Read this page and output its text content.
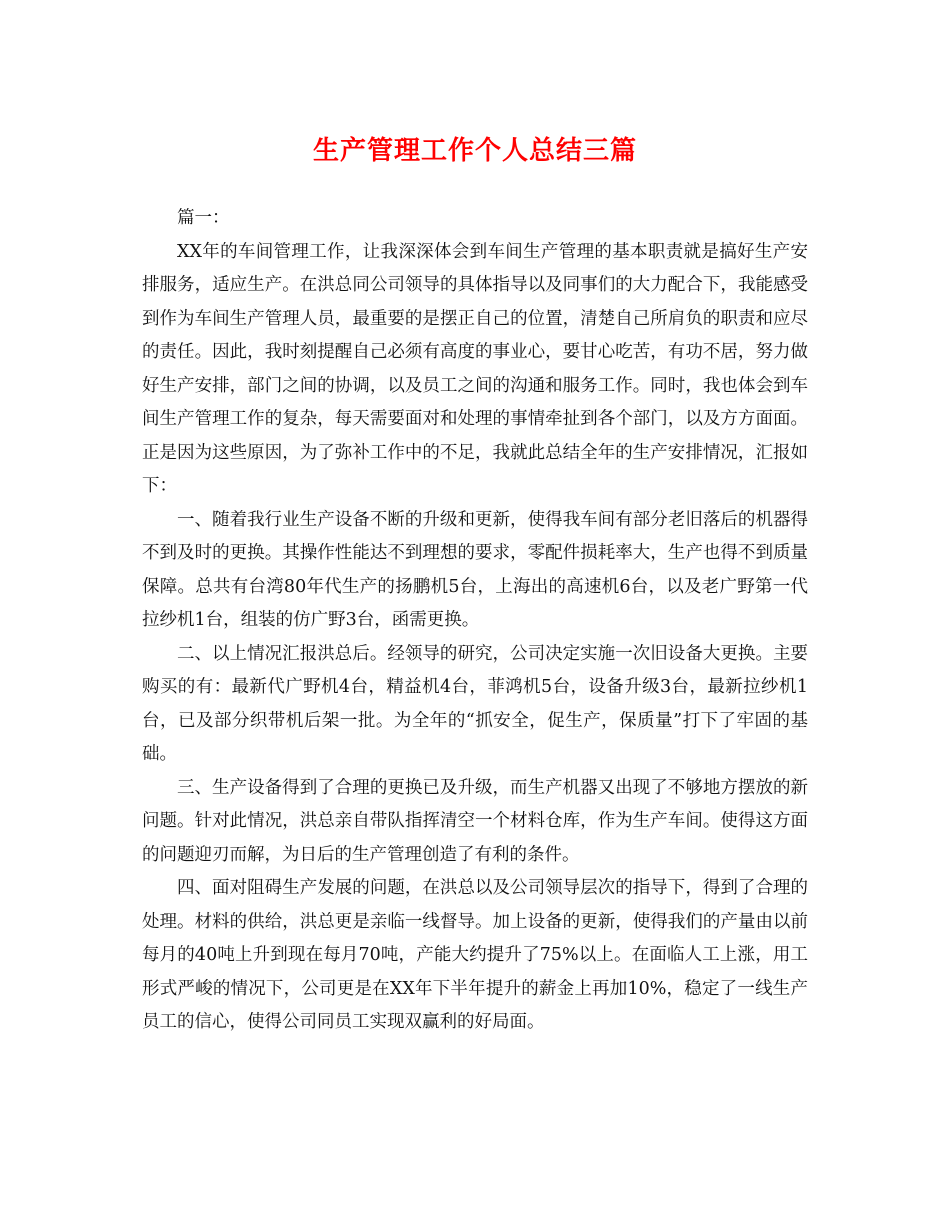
生产管理工作个人总结三篇

篇一：

XX年的车间管理工作，让我深深体会到车间生产管理的基本职责就是搞好生产安排服务，适应生产。在洪总同公司领导的具体指导以及同事们的大力配合下，我能感受到作为车间生产管理人员，最重要的是摆正自己的位置，清楚自己所肩负的职责和应尽的责任。因此，我时刻提醒自己必须有高度的事业心，要甘心吃苦，有功不居，努力做好生产安排，部门之间的协调，以及员工之间的沟通和服务工作。同时，我也体会到车间生产管理工作的复杂，每天需要面对和处理的事情牵扯到各个部门，以及方方面面。正是因为这些原因，为了弥补工作中的不足，我就此总结全年的生产安排情况，汇报如下：

一、随着我行业生产设备不断的升级和更新，使得我车间有部分老旧落后的机器得不到及时的更换。其操作性能达不到理想的要求，零配件损耗率大，生产也得不到质量保障。总共有台湾80年代生产的扬鹏机5台，上海出的高速机6台，以及老广野第一代拉纱机1台，组装的仿广野3台，函需更换。

二、以上情况汇报洪总后。经领导的研究，公司决定实施一次旧设备大更换。主要购买的有：最新代广野机4台，精益机4台，菲鸿机5台，设备升级3台，最新拉纱机1台，已及部分织带机后架一批。为全年的“抓安全，促生产，保质量”打下了牢固的基础。

三、生产设备得到了合理的更换已及升级，而生产机器又出现了不够地方摆放的新问题。针对此情况，洪总亲自带队指挥清空一个材料仓库，作为生产车间。使得这方面的问题迎刃而解，为日后的生产管理创造了有利的条件。

四、面对阻碍生产发展的问题，在洪总以及公司领导层次的指导下，得到了合理的处理。材料的供给，洪总更是亲临一线督导。加上设备的更新，使得我们的产量由以前每月的40吨上升到现在每月70吨，产能大约提升了75%以上。在面临人工上涨，用工形式严峻的情况下，公司更是在XX年下半年提升的薪金上再加10%，稳定了一线生产员工的信心，使得公司同员工实现双赢利的好局面。
